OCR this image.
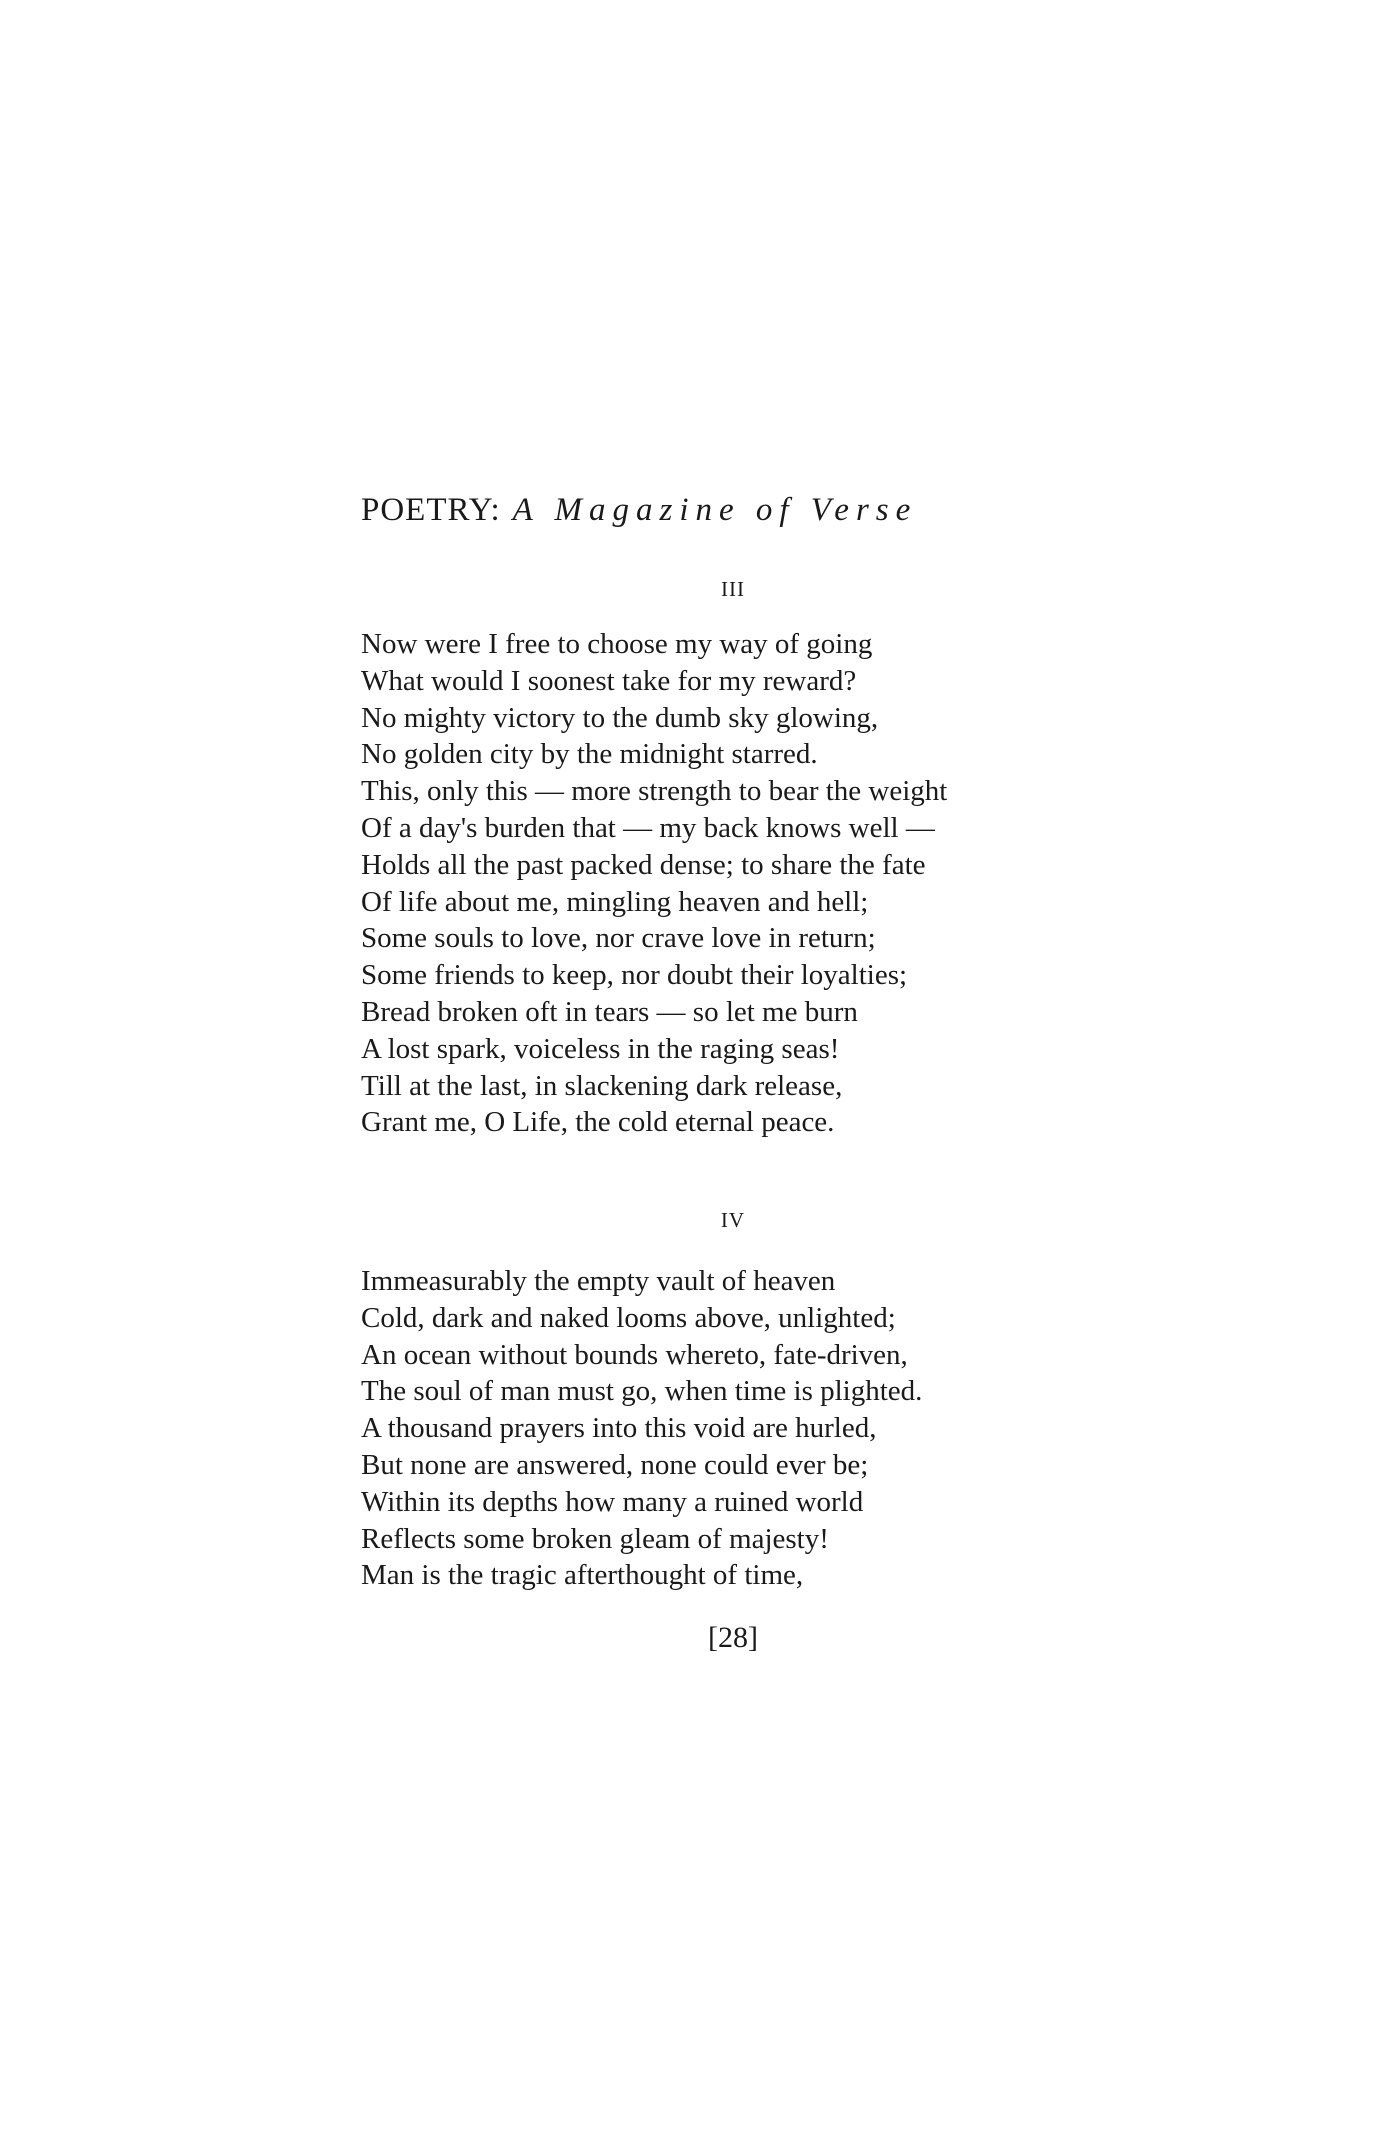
POETRY: A Magazine of Verse
III
Now were I free to choose my way of going
What would I soonest take for my reward?
No mighty victory to the dumb sky glowing,
No golden city by the midnight starred.
This, only this — more strength to bear the weight
Of a day's burden that — my back knows well —
Holds all the past packed dense; to share the fate
Of life about me, mingling heaven and hell;
Some souls to love, nor crave love in return;
Some friends to keep, nor doubt their loyalties;
Bread broken oft in tears — so let me burn
A lost spark, voiceless in the raging seas!
Till at the last, in slackening dark release,
Grant me, O Life, the cold eternal peace.
IV
Immeasurably the empty vault of heaven
Cold, dark and naked looms above, unlighted;
An ocean without bounds whereto, fate-driven,
The soul of man must go, when time is plighted.
A thousand prayers into this void are hurled,
But none are answered, none could ever be;
Within its depths how many a ruined world
Reflects some broken gleam of majesty!
Man is the tragic afterthought of time,
[28]
